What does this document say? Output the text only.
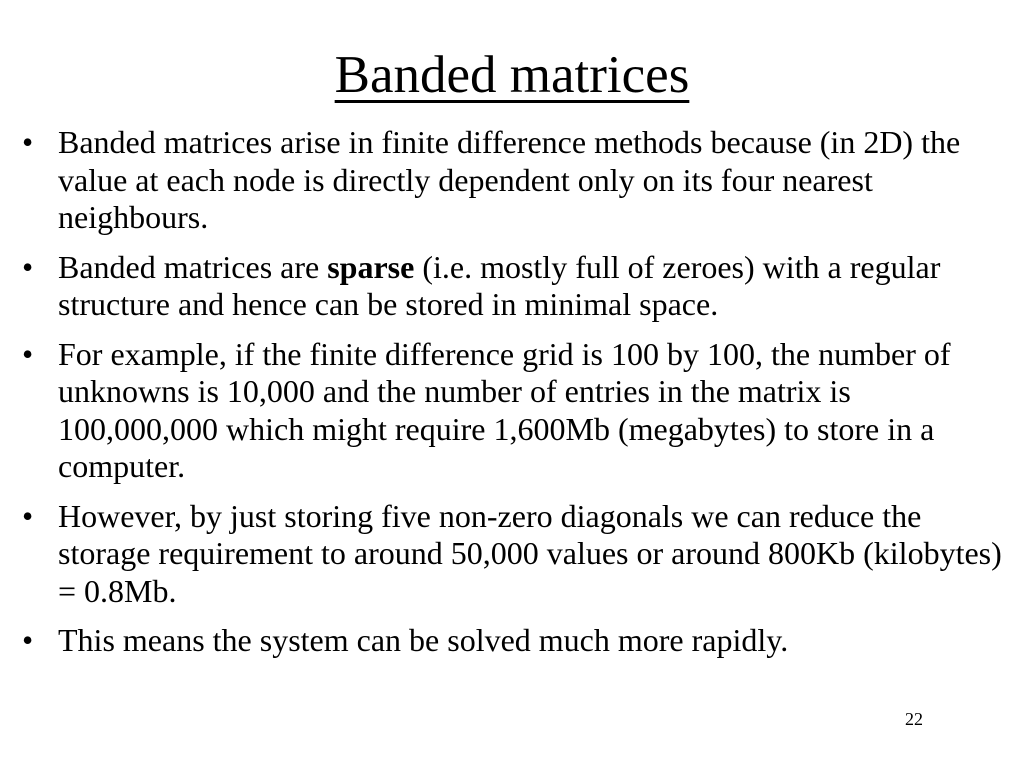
Banded matrices
• Banded matrices arise in finite difference methods because (in 2D) the value at each node is directly dependent only on its four nearest neighbours.
• Banded matrices are sparse (i.e. mostly full of zeroes) with a regular structure and hence can be stored in minimal space.
• For example, if the finite difference grid is 100 by 100, the number of unknowns is 10,000 and the number of entries in the matrix is 100,000,000 which might require 1,600Mb (megabytes) to store in a computer.
• However, by just storing five non-zero diagonals we can reduce the storage requirement to around 50,000 values or around 800Kb (kilobytes) = 0.8Mb.
• This means the system can be solved much more rapidly.
22
